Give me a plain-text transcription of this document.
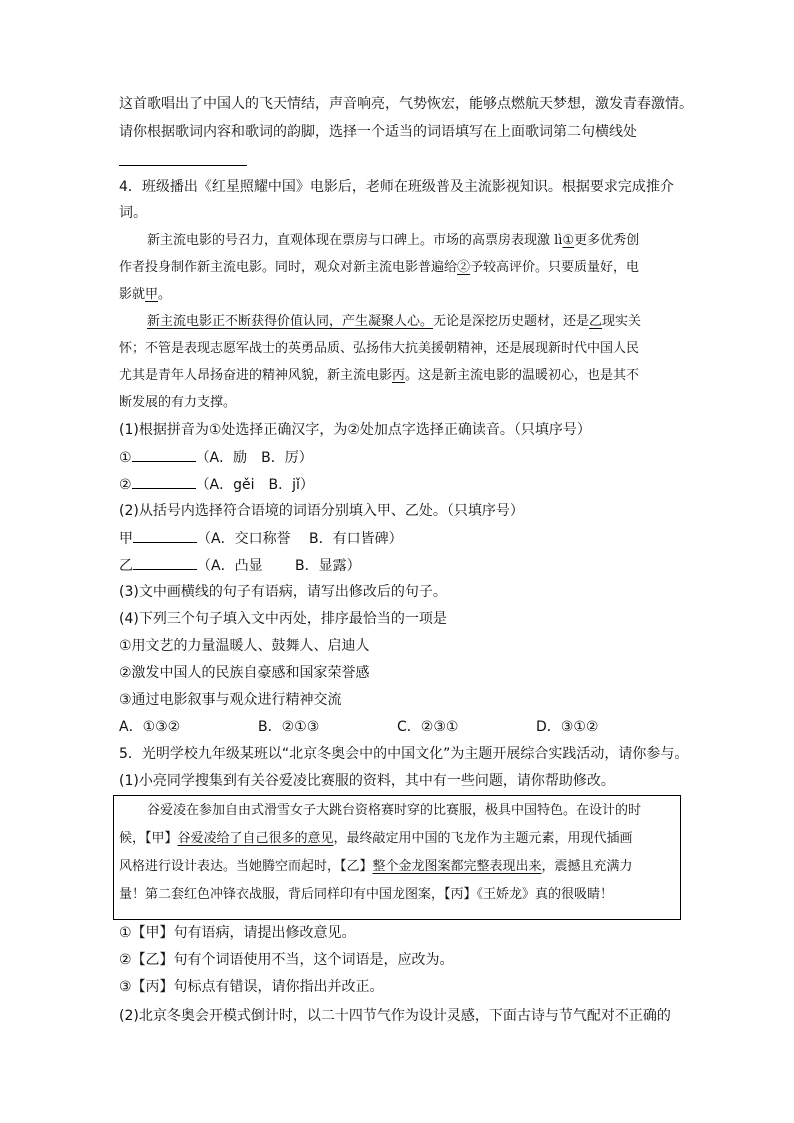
这首歌唱出了中国人的飞天情结，声音响亮，气势恢宏，能够点燃航天梦想，激发青春激情。
请你根据歌词内容和歌词的韵脚，选择一个适当的词语填写在上面歌词第二句横线处
4．班级播出《红星照耀中国》电影后，老师在班级普及主流影视知识。根据要求完成推介
词。
新主流电影的号召力，直观体现在票房与口碑上。市场的高票房表现激 lì①更多优秀创
作者投身制作新主流电影。同时，观众对新主流电影普遍给②予较高评价。只要质量好，电
影就甲。
新主流电影正不断获得价值认同，产生凝聚人心。无论是深挖历史题材，还是乙现实关
怀；不管是表现志愿军战士的英勇品质、弘扬伟大抗美援朝精神，还是展现新时代中国人民
尤其是青年人昂扬奋进的精神风貌，新主流电影丙。这是新主流电影的温暖初心，也是其不
断发展的有力支撑。
(1)根据拼音为①处选择正确汉字，为②处加点字选择正确读音。（只填序号）
①	（A．励　B．厉）
②	（A．gěi　B．jǐ）
(2)从括号内选择符合语境的词语分别填入甲、乙处。（只填序号）
甲	（A．交口称誉　 B．有口皆碑）
乙	（A．凸显　　 B．显露）
(3)文中画横线的句子有语病，请写出修改后的句子。
(4)下列三个句子填入文中丙处，排序最恰当的一项是
①用文艺的力量温暖人、鼓舞人、启迪人
②激发中国人的民族自豪感和国家荣誉感
③通过电影叙事与观众进行精神交流
A．①③②	B．②①③	C．②③①	D．③①②
5．光明学校九年级某班以“北京冬奥会中的中国文化”为主题开展综合实践活动，请你参与。
(1)小亮同学搜集到有关谷爱凌比赛服的资料，其中有一些问题，请你帮助修改。
谷爱凌在参加自由式滑雪女子大跳台资格赛时穿的比赛服，极具中国特色。在设计的时
候，【甲】谷爱凌给了自己很多的意见，最终敲定用中国的飞龙作为主题元素，用现代插画
风格进行设计表达。当她腾空而起时，【乙】整个金龙图案都完整表现出来，震撼且充满力
量！第二套红色冲锋衣战服，背后同样印有中国龙图案，【丙】《王娇龙》真的很吸睛！
①【甲】句有语病，请提出修改意见。
②【乙】句有个词语使用不当，这个词语是，应改为。
③【丙】句标点有错误，请你指出并改正。
(2)北京冬奥会开模式倒计时，以二十四节气作为设计灵感，下面古诗与节气配对不正确的
